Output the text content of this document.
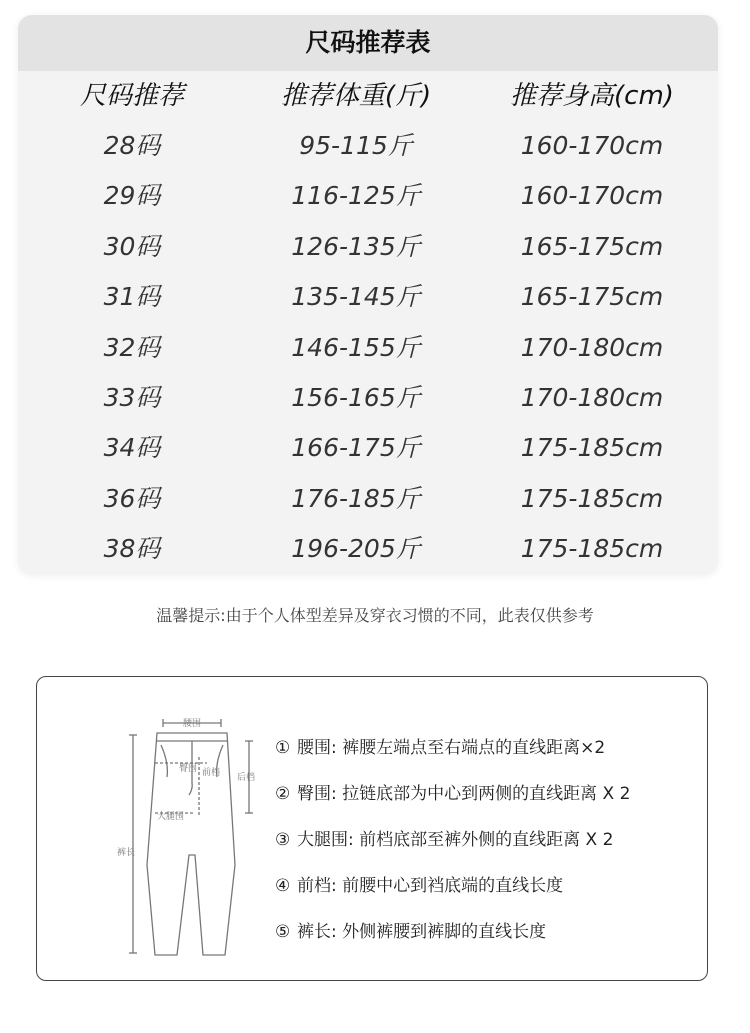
尺码推荐表
尺码推荐	推荐体重(斤)	推荐身高(cm)
28码	95-115斤	160-170cm
29码	116-125斤	160-170cm
30码	126-135斤	165-175cm
31码	135-145斤	165-175cm
32码	146-155斤	170-180cm
33码	156-165斤	170-180cm
34码	166-175斤	175-185cm
36码	176-185斤	175-185cm
38码	196-205斤	175-185cm
温馨提示:由于个人体型差异及穿衣习惯的不同，此表仅供参考
腰围
臀围 前档 后档
大腿围
裤长
① 腰围: 裤腰左端点至右端点的直线距离×2
② 臀围: 拉链底部为中心到两侧的直线距离 X 2
③ 大腿围: 前档底部至裤外侧的直线距离 X 2
④ 前档: 前腰中心到裆底端的直线长度
⑤ 裤长: 外侧裤腰到裤脚的直线长度
